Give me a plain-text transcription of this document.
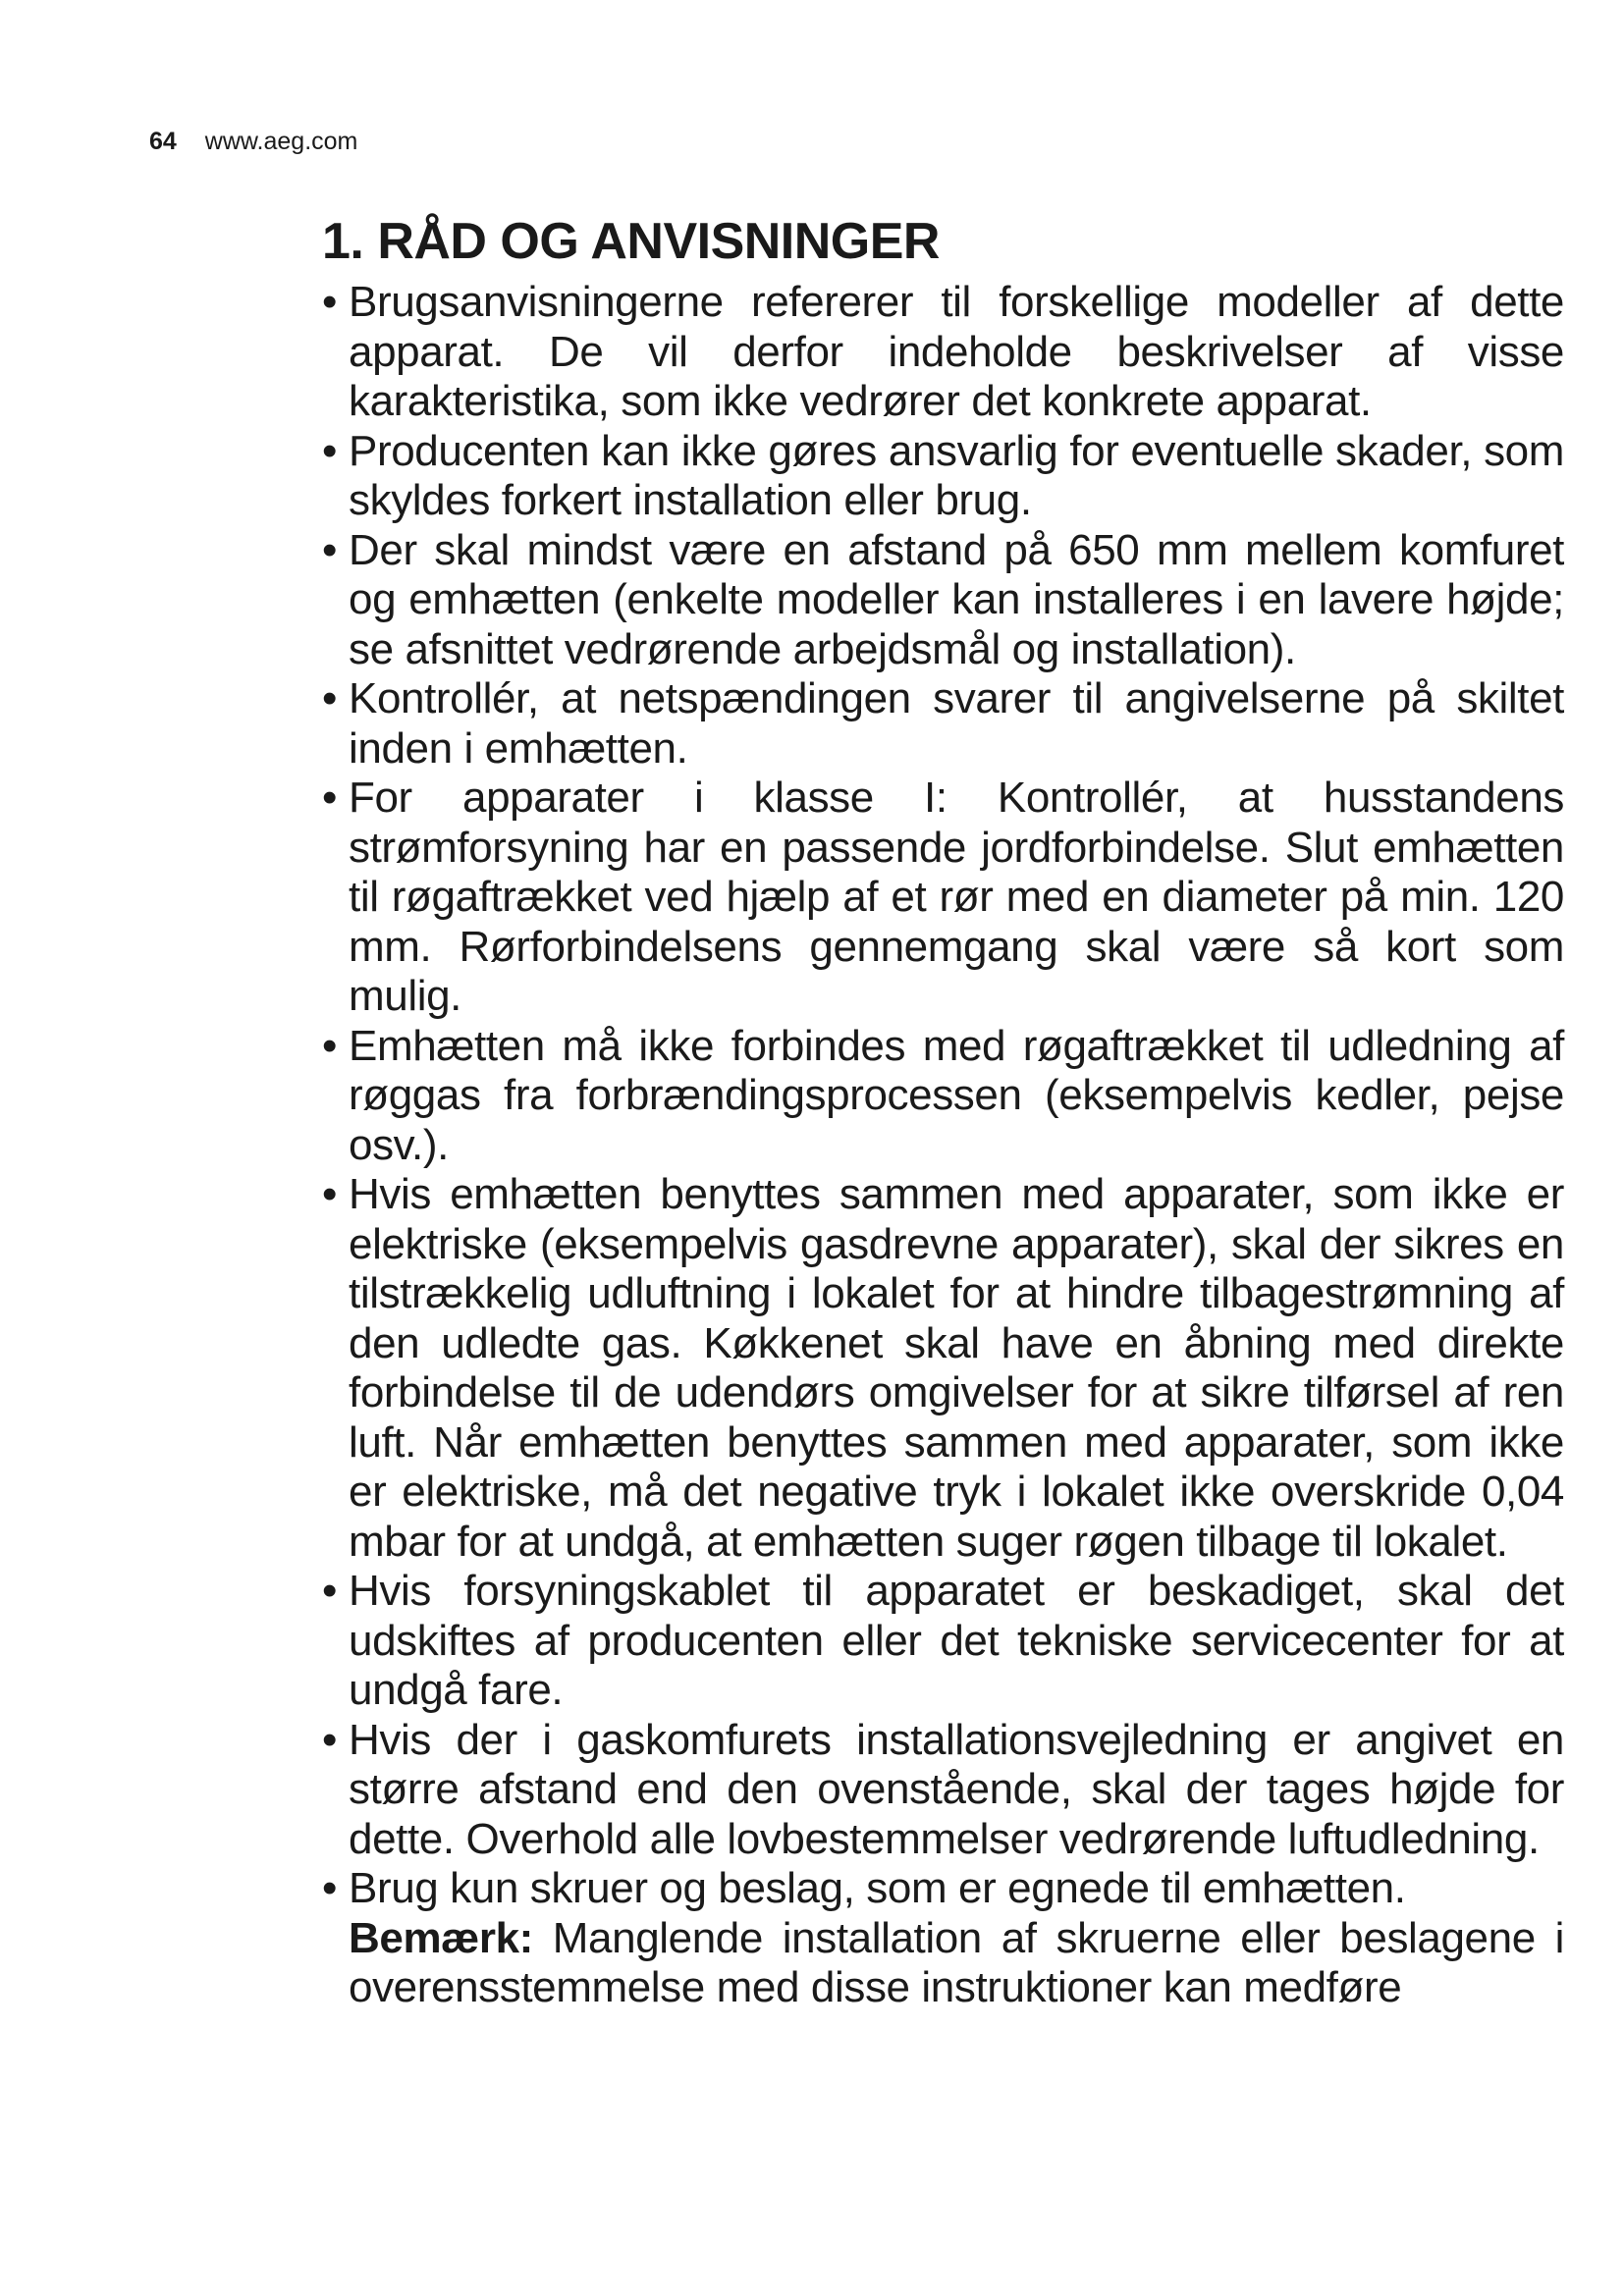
64 www.aeg.com
1. RÅD OG ANVISNINGER
• Brugsanvisningerne refererer til forskellige modeller af dette apparat. De vil derfor indeholde beskrivelser af visse karakteristika, som ikke vedrører det konkrete apparat.
• Producenten kan ikke gøres ansvarlig for eventuelle skader, som skyldes forkert installation eller brug.
• Der skal mindst være en afstand på 650 mm mellem komfuret og emhætten (enkelte modeller kan installeres i en lavere højde; se afsnittet vedrørende arbejdsmål og installation).
• Kontrollér, at netspændingen svarer til angivelserne på skiltet inden i emhætten.
• For apparater i klasse I: Kontrollér, at husstandens strømforsyning har en passende jordforbindelse. Slut emhætten til røgaftrækket ved hjælp af et rør med en diameter på min. 120 mm. Rørforbindelsens gennemgang skal være så kort som mulig.
• Emhætten må ikke forbindes med røgaftrækket til udledning af røggas fra forbrændingsprocessen (eksempelvis kedler, pejse osv.).
• Hvis emhætten benyttes sammen med apparater, som ikke er elektriske (eksempelvis gasdrevne apparater), skal der sikres en tilstrækkelig udluftning i lokalet for at hindre tilbagestrømning af den udledte gas. Køkkenet skal have en åbning med direkte forbindelse til de udendørs omgivelser for at sikre tilførsel af ren luft. Når emhætten benyttes sammen med apparater, som ikke er elektriske, må det negative tryk i lokalet ikke overskride 0,04 mbar for at undgå, at emhætten suger røgen tilbage til lokalet.
• Hvis forsyningskablet til apparatet er beskadiget, skal det udskiftes af producenten eller det tekniske servicecenter for at undgå fare.
• Hvis der i gaskomfurets installationsvejledning er angivet en større afstand end den ovenstående, skal der tages højde for dette. Overhold alle lovbestemmelser vedrørende luftudledning.
• Brug kun skruer og beslag, som er egnede til emhætten.
Bemærk: Manglende installation af skruerne eller beslagene i overensstemmelse med disse instruktioner kan medføre
